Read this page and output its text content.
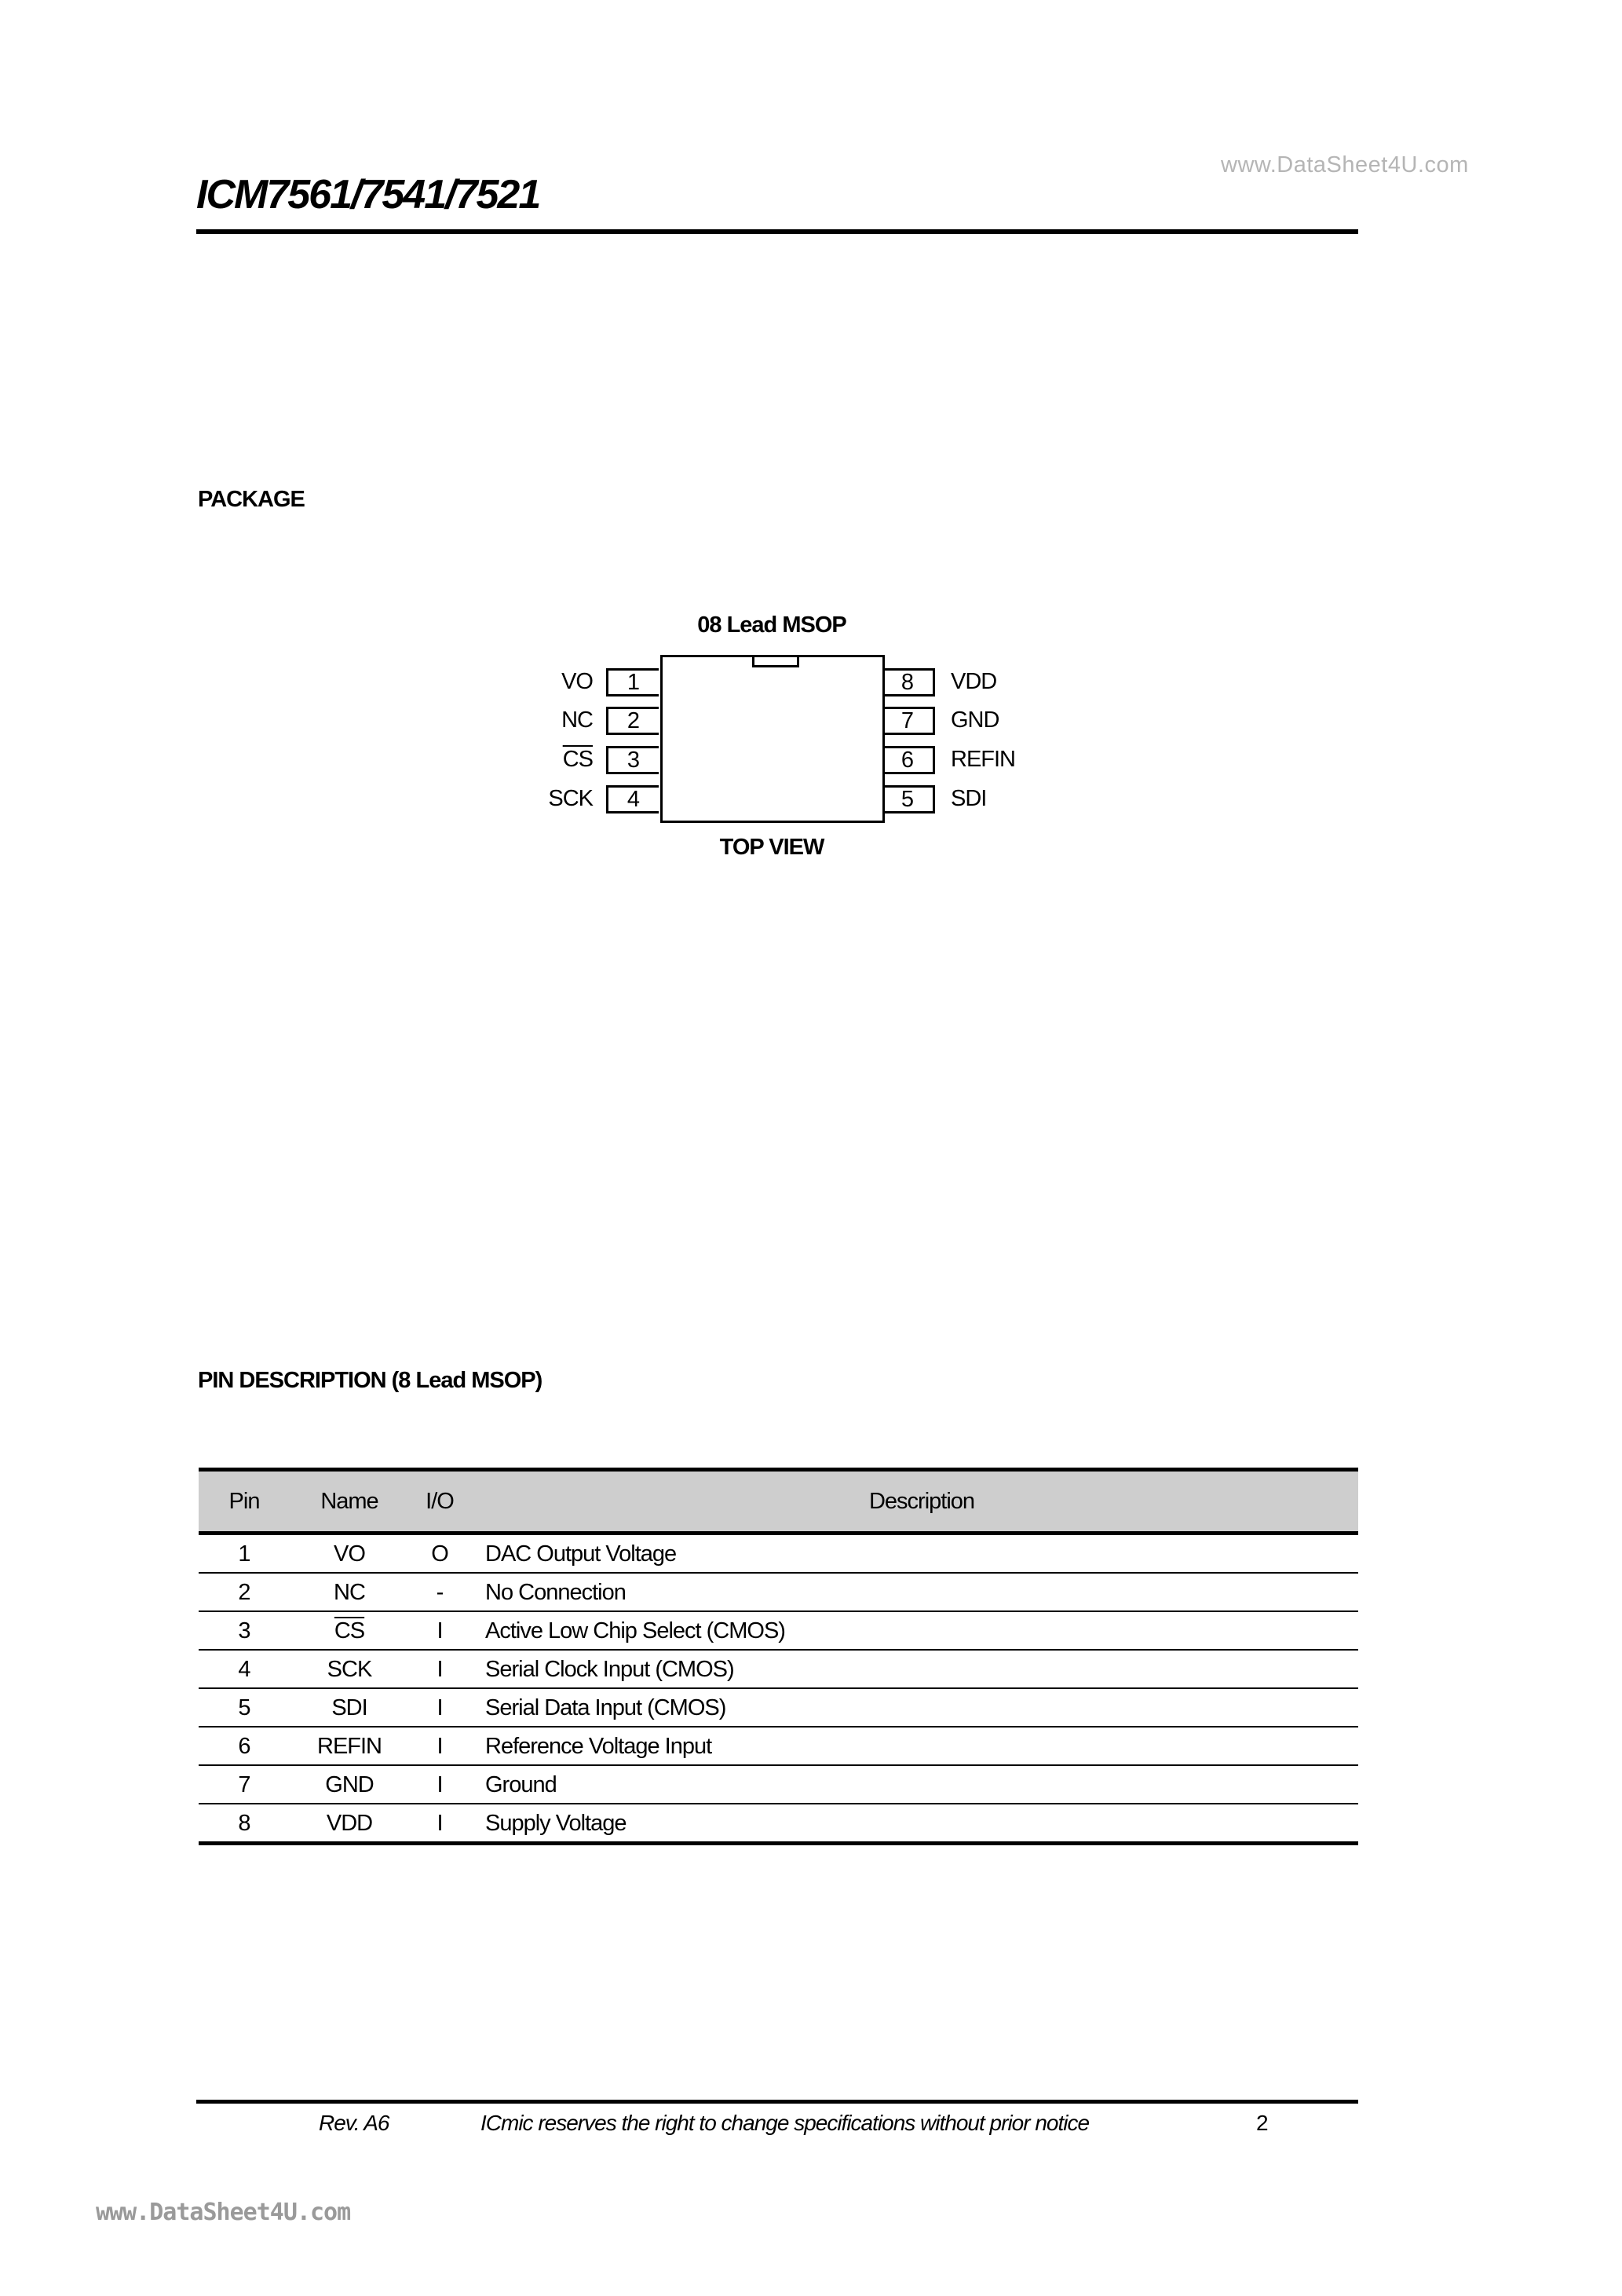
ICM7561/7541/7521
www.DataSheet4U.com
PACKAGE
08 Lead MSOP
1
2
3
4
8
7
6
5
VO
NC
$\overline{CS}$
SCK
VDD
GND
REFIN
SDI
TOP VIEW
PIN DESCRIPTION (8 Lead MSOP)
Pin	Name	I/O	Description
1	VO	O	DAC Output Voltage
2	NC	-	No Connection
3	$\overline{CS}$	I	Active Low Chip Select (CMOS)
4	SCK	I	Serial Clock Input (CMOS)
5	SDI	I	Serial Data Input (CMOS)
6	REFIN	I	Reference Voltage Input
7	GND	I	Ground
8	VDD	I	Supply Voltage
Rev. A6	ICmic reserves the right to change specifications without prior notice	2
www.DataSheet4U.com
